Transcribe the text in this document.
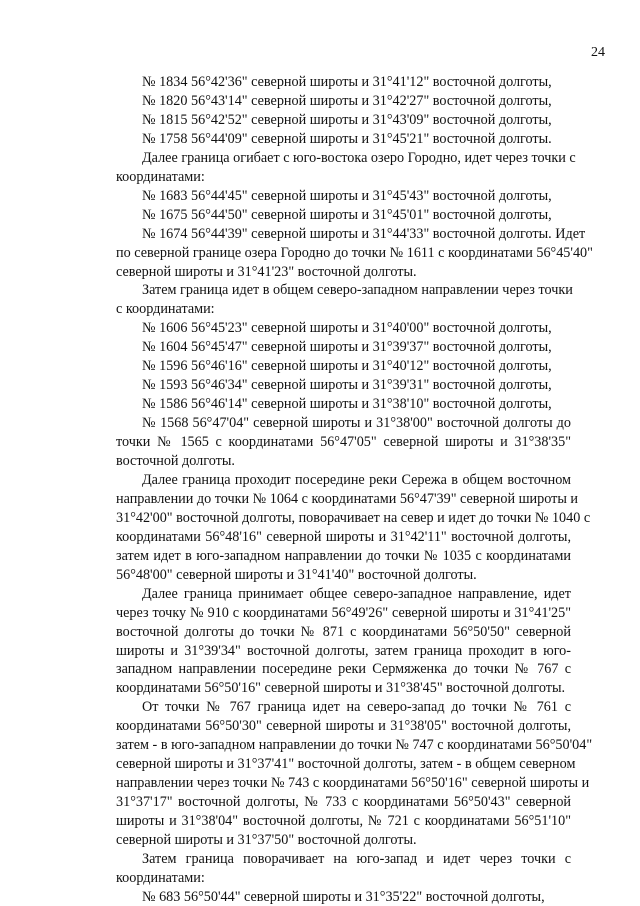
24
№ 1834 56°42'36" северной широты и 31°41'12" восточной долготы,
№ 1820 56°43'14" северной широты и 31°42'27" восточной долготы,
№ 1815 56°42'52" северной широты и 31°43'09" восточной долготы,
№ 1758 56°44'09" северной широты и 31°45'21" восточной долготы.
Далее граница огибает с юго-востока озеро Городно, идет через точки с
координатами:
№ 1683 56°44'45" северной широты и 31°45'43" восточной долготы,
№ 1675 56°44'50" северной широты и 31°45'01" восточной долготы,
№ 1674 56°44'39" северной широты и 31°44'33" восточной долготы. Идет
по северной границе озера Городно до точки № 1611 с координатами 56°45'40"
северной широты и 31°41'23" восточной долготы.
Затем граница идет в общем северо-западном направлении через точки
с координатами:
№ 1606 56°45'23" северной широты и 31°40'00" восточной долготы,
№ 1604 56°45'47" северной широты и 31°39'37" восточной долготы,
№ 1596 56°46'16" северной широты и 31°40'12" восточной долготы,
№ 1593 56°46'34" северной широты и 31°39'31" восточной долготы,
№ 1586 56°46'14" северной широты и 31°38'10" восточной долготы,
№ 1568 56°47'04" северной широты и 31°38'00" восточной долготы до
точки № 1565 с координатами 56°47'05" северной широты и 31°38'35"
восточной долготы.
Далее граница проходит посередине реки Сережа в общем восточном
направлении до точки № 1064 с координатами 56°47'39" северной широты и
31°42'00" восточной долготы, поворачивает на север и идет до точки № 1040 с
координатами 56°48'16" северной широты и 31°42'11" восточной долготы,
затем идет в юго-западном направлении до точки № 1035 с координатами
56°48'00" северной широты и 31°41'40" восточной долготы.
Далее граница принимает общее северо-западное направление, идет
через точку № 910 с координатами 56°49'26" северной широты и 31°41'25"
восточной долготы до точки № 871 с координатами 56°50'50" северной
широты и 31°39'34" восточной долготы, затем граница проходит в юго-
западном направлении посередине реки Сермяженка до точки № 767 с
координатами 56°50'16" северной широты и 31°38'45" восточной долготы.
От точки № 767 граница идет на северо-запад до точки № 761 с
координатами 56°50'30" северной широты и 31°38'05" восточной долготы,
затем - в юго-западном направлении до точки № 747 с координатами 56°50'04"
северной широты и 31°37'41" восточной долготы, затем - в общем северном
направлении через точки № 743 с координатами 56°50'16" северной широты и
31°37'17" восточной долготы, № 733 с координатами 56°50'43" северной
широты и 31°38'04" восточной долготы, № 721 с координатами 56°51'10"
северной широты и 31°37'50" восточной долготы.
Затем граница поворачивает на юго-запад и идет через точки с
координатами:
№ 683 56°50'44" северной широты и 31°35'22" восточной долготы,
